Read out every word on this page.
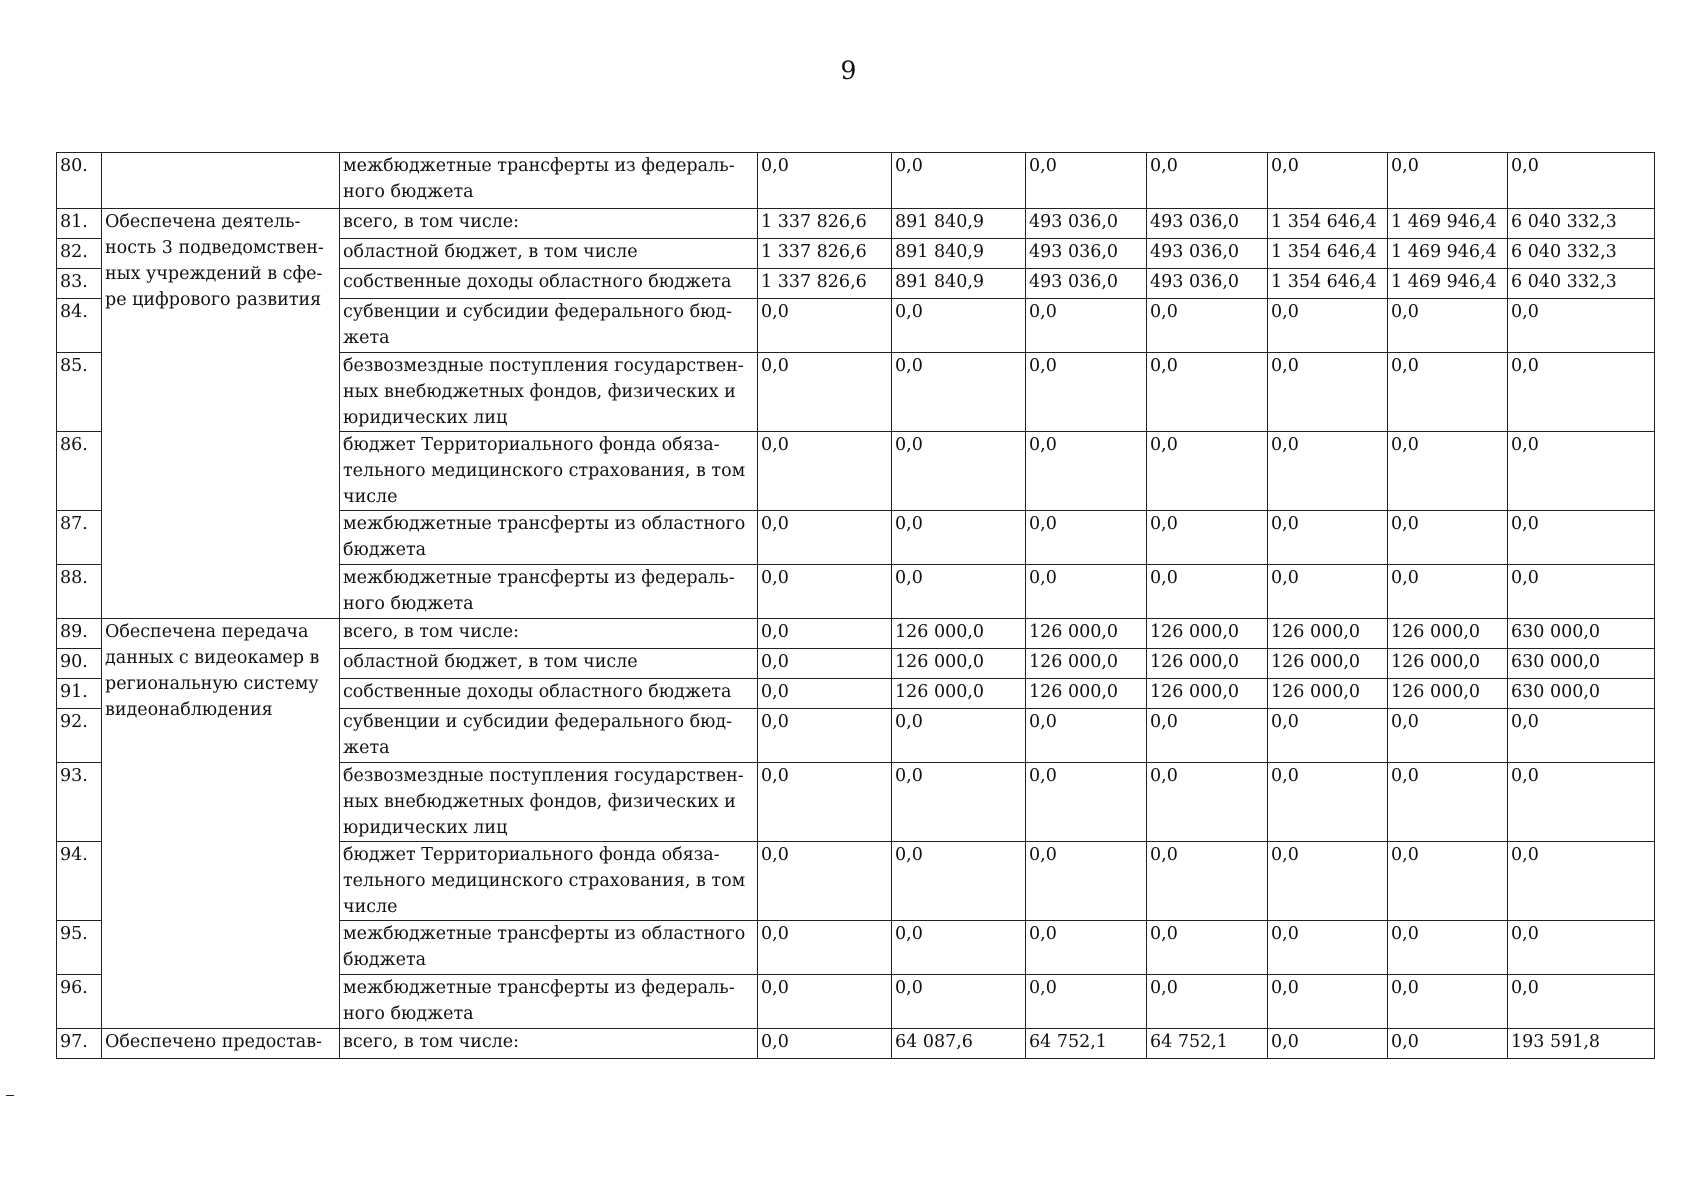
9
80.		межбюджетные трансферты из федераль-ного бюджета	0,0	0,0	0,0	0,0	0,0	0,0	0,0
81.	Обеспечена деятель-ность 3 подведомствен-ных учреждений в сфе-ре цифрового развития	всего, в том числе:	1 337 826,6	891 840,9	493 036,0	493 036,0	1 354 646,4	1 469 946,4	6 040 332,3
82.		областной бюджет, в том числе	1 337 826,6	891 840,9	493 036,0	493 036,0	1 354 646,4	1 469 946,4	6 040 332,3
83.		собственные доходы областного бюджета	1 337 826,6	891 840,9	493 036,0	493 036,0	1 354 646,4	1 469 946,4	6 040 332,3
84.		субвенции и субсидии федерального бюд-жета	0,0	0,0	0,0	0,0	0,0	0,0	0,0
85.		безвозмездные поступления государствен-ных внебюджетных фондов, физических и юридических лиц	0,0	0,0	0,0	0,0	0,0	0,0	0,0
86.		бюджет Территориального фонда обяза-тельного медицинского страхования, в том числе	0,0	0,0	0,0	0,0	0,0	0,0	0,0
87.		межбюджетные трансферты из областного бюджета	0,0	0,0	0,0	0,0	0,0	0,0	0,0
88.		межбюджетные трансферты из федераль-ного бюджета	0,0	0,0	0,0	0,0	0,0	0,0	0,0
89.	Обеспечена передача данных с видеокамер в региональную систему видеонаблюдения	всего, в том числе:	0,0	126 000,0	126 000,0	126 000,0	126 000,0	126 000,0	630 000,0
90.		областной бюджет, в том числе	0,0	126 000,0	126 000,0	126 000,0	126 000,0	126 000,0	630 000,0
91.		собственные доходы областного бюджета	0,0	126 000,0	126 000,0	126 000,0	126 000,0	126 000,0	630 000,0
92.		субвенции и субсидии федерального бюд-жета	0,0	0,0	0,0	0,0	0,0	0,0	0,0
93.		безвозмездные поступления государствен-ных внебюджетных фондов, физических и юридических лиц	0,0	0,0	0,0	0,0	0,0	0,0	0,0
94.		бюджет Территориального фонда обяза-тельного медицинского страхования, в том числе	0,0	0,0	0,0	0,0	0,0	0,0	0,0
95.		межбюджетные трансферты из областного бюджета	0,0	0,0	0,0	0,0	0,0	0,0	0,0
96.		межбюджетные трансферты из федераль-ного бюджета	0,0	0,0	0,0	0,0	0,0	0,0	0,0
97.	Обеспечено предостав-	всего, в том числе:	0,0	64 087,6	64 752,1	64 752,1	0,0	0,0	193 591,8
